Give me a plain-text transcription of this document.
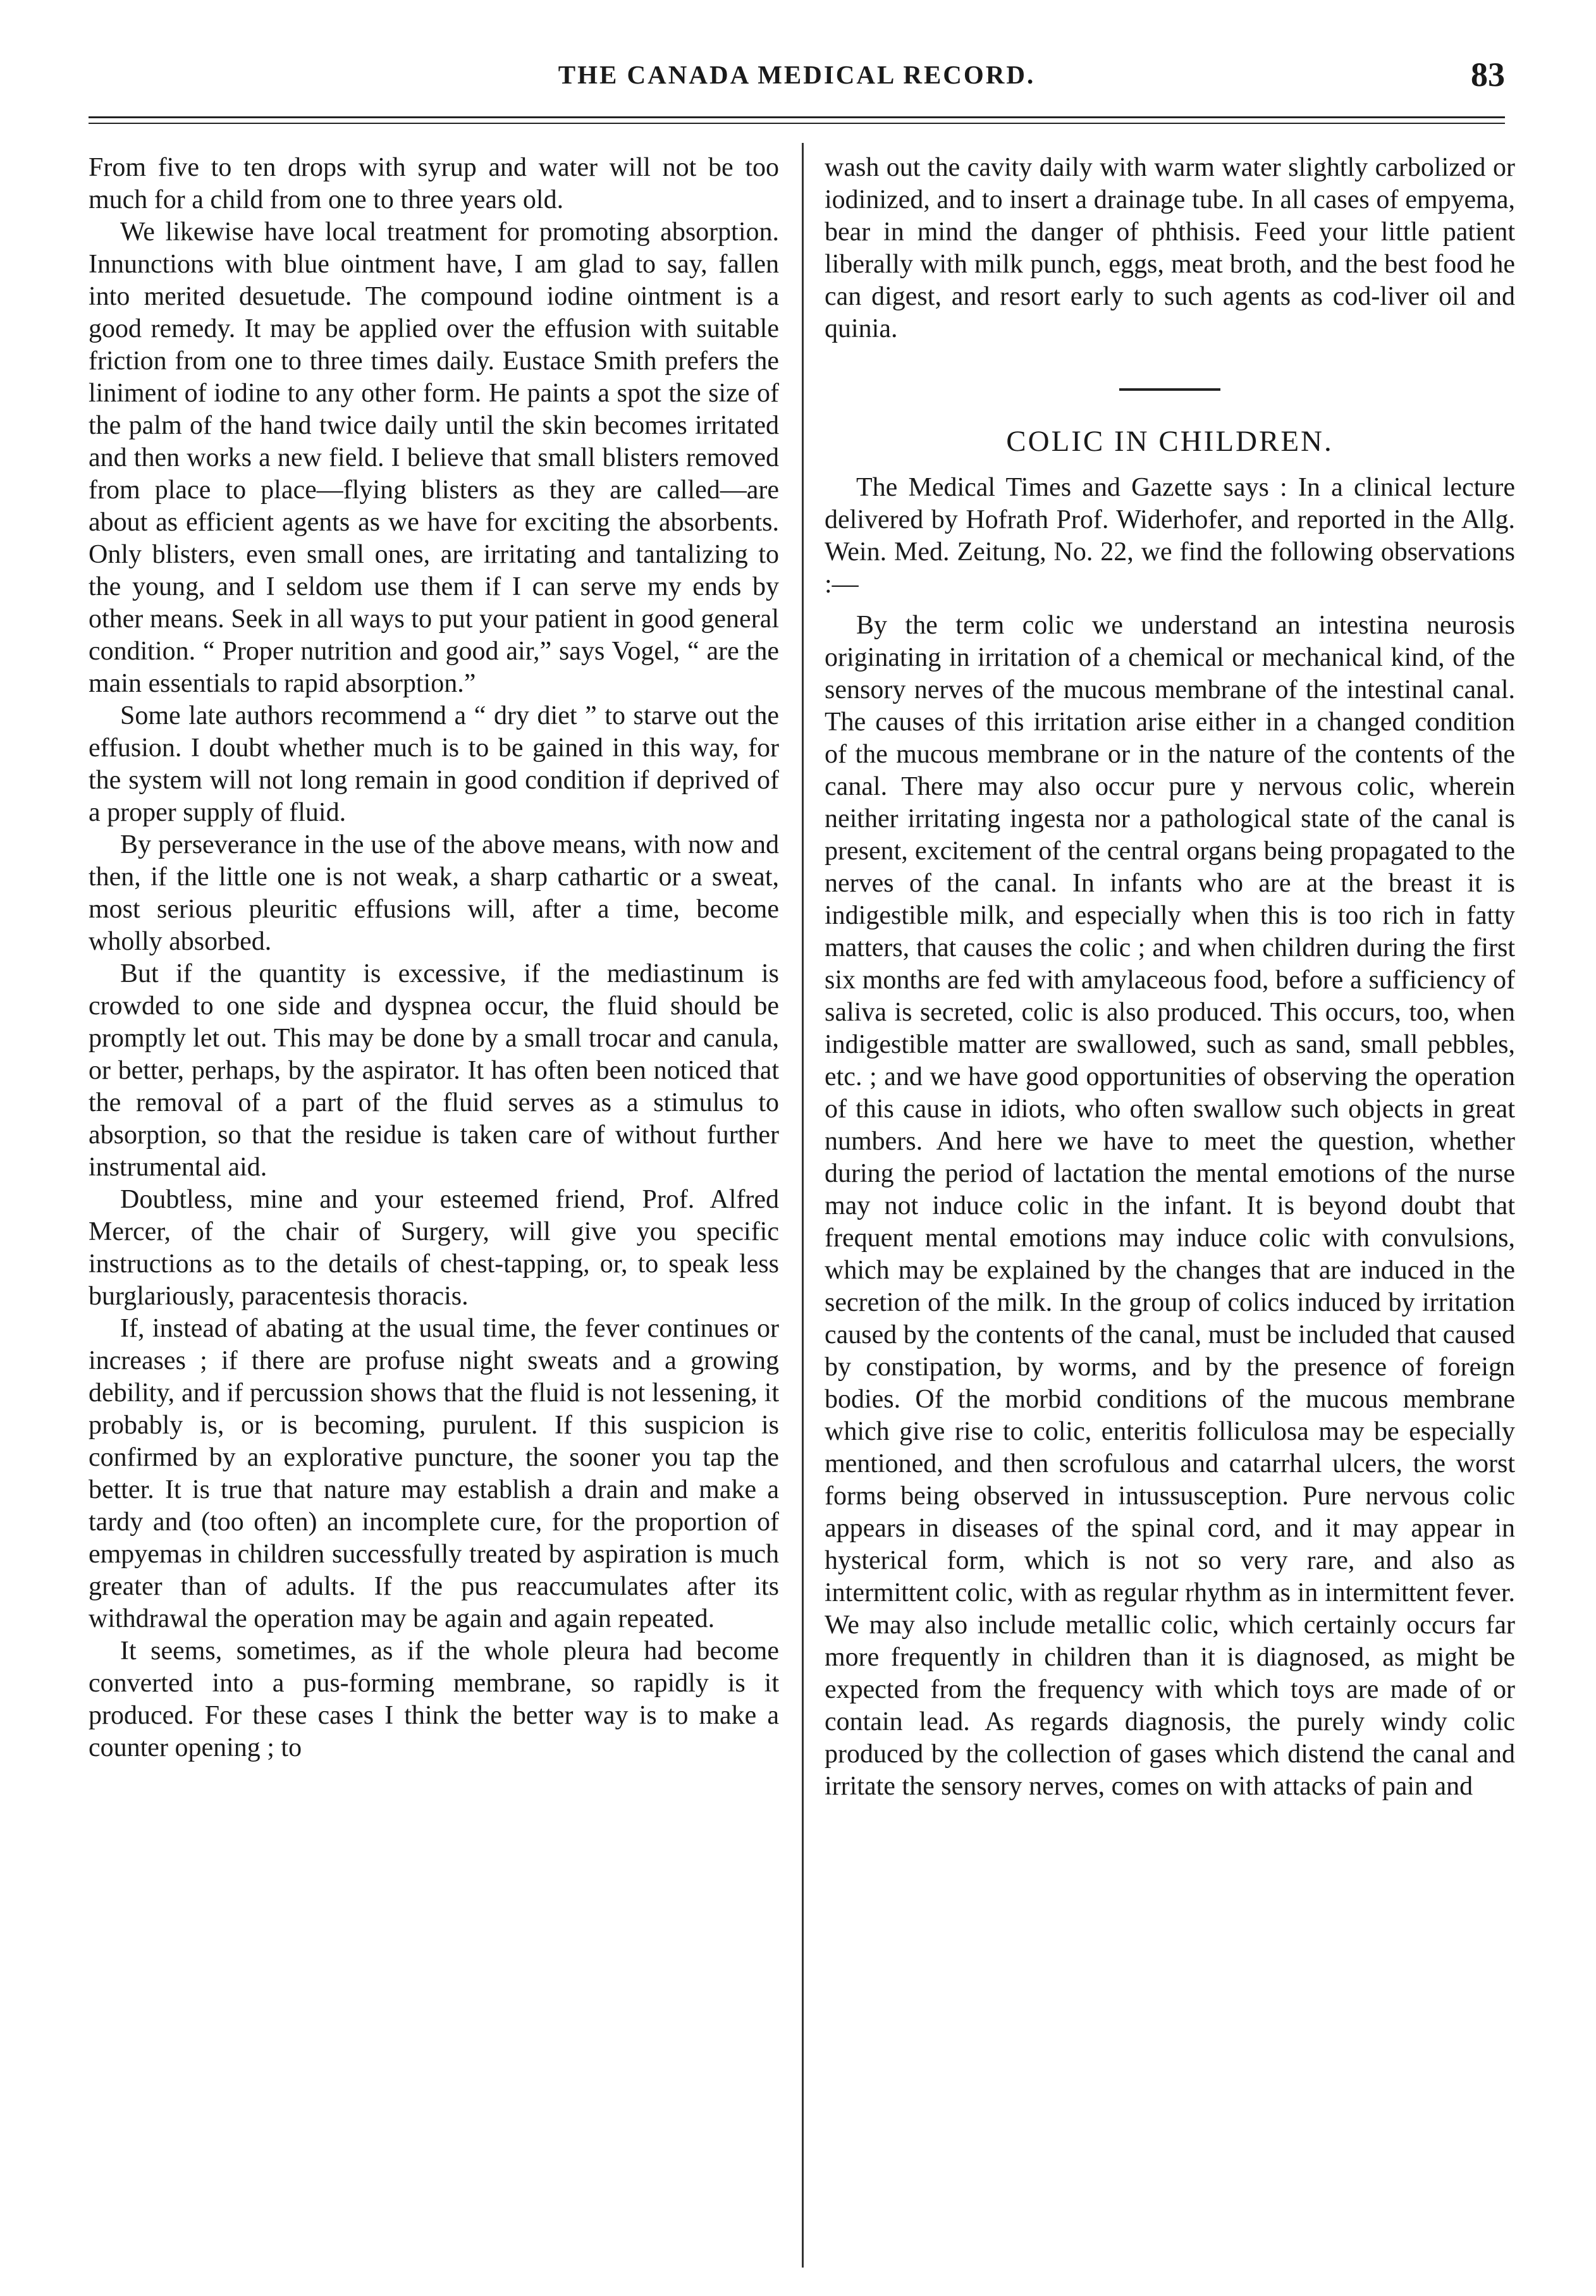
THE CANADA MEDICAL RECORD.	83

From five to ten drops with syrup and water will not be too much for a child from one to three years old.

We likewise have local treatment for promoting absorption. Innunctions with blue ointment have, I am glad to say, fallen into merited desuetude. The compound iodine ointment is a good remedy. It may be applied over the effusion with suitable friction from one to three times daily. Eustace Smith prefers the liniment of iodine to any other form. He paints a spot the size of the palm of the hand twice daily until the skin becomes irritated and then works a new field. I believe that small blisters removed from place to place—flying blisters as they are called—are about as efficient agents as we have for exciting the absorbents. Only blisters, even small ones, are irritating and tantalizing to the young, and I seldom use them if I can serve my ends by other means. Seek in all ways to put your patient in good general condition. “ Proper nutrition and good air,” says Vogel, “ are the main essentials to rapid absorption.”

Some late authors recommend a “ dry diet ” to starve out the effusion. I doubt whether much is to be gained in this way, for the system will not long remain in good condition if deprived of a proper supply of fluid.

By perseverance in the use of the above means, with now and then, if the little one is not weak, a sharp cathartic or a sweat, most serious pleuritic effusions will, after a time, become wholly absorbed.

But if the quantity is excessive, if the mediastinum is crowded to one side and dyspnea occur, the fluid should be promptly let out. This may be done by a small trocar and canula, or better, perhaps, by the aspirator. It has often been noticed that the removal of a part of the fluid serves as a stimulus to absorption, so that the residue is taken care of without further instrumental aid.

Doubtless, mine and your esteemed friend, Prof. Alfred Mercer, of the chair of Surgery, will give you specific instructions as to the details of chest-tapping, or, to speak less burglariously, paracentesis thoracis.

If, instead of abating at the usual time, the fever continues or increases ; if there are profuse night sweats and a growing debility, and if percussion shows that the fluid is not lessening, it probably is, or is becoming, purulent. If this suspicion is confirmed by an explorative puncture, the sooner you tap the better. It is true that nature may establish a drain and make a tardy and (too often) an incomplete cure, for the proportion of empyemas in children successfully treated by aspiration is much greater than of adults. If the pus reaccumulates after its withdrawal the operation may be again and again repeated.

It seems, sometimes, as if the whole pleura had become converted into a pus-forming membrane, so rapidly is it produced. For these cases I think the better way is to make a counter opening ; to

wash out the cavity daily with warm water slightly carbolized or iodinized, and to insert a drainage tube. In all cases of empyema, bear in mind the danger of phthisis. Feed your little patient liberally with milk punch, eggs, meat broth, and the best food he can digest, and resort early to such agents as cod-liver oil and quinia.

COLIC IN CHILDREN.

The Medical Times and Gazette says : In a clinical lecture delivered by Hofrath Prof. Widerhofer, and reported in the Allg. Wein. Med. Zeitung, No. 22, we find the following observations :—

By the term colic we understand an intestina neurosis originating in irritation of a chemical or mechanical kind, of the sensory nerves of the mucous membrane of the intestinal canal. The causes of this irritation arise either in a changed condition of the mucous membrane or in the nature of the contents of the canal. There may also occur pure y nervous colic, wherein neither irritating ingesta nor a pathological state of the canal is present, excitement of the central organs being propagated to the nerves of the canal. In infants who are at the breast it is indigestible milk, and especially when this is too rich in fatty matters, that causes the colic ; and when children during the first six months are fed with amylaceous food, before a sufficiency of saliva is secreted, colic is also produced. This occurs, too, when indigestible matter are swallowed, such as sand, small pebbles, etc. ; and we have good opportunities of observing the operation of this cause in idiots, who often swallow such objects in great numbers. And here we have to meet the question, whether during the period of lactation the mental emotions of the nurse may not induce colic in the infant. It is beyond doubt that frequent mental emotions may induce colic with convulsions, which may be explained by the changes that are induced in the secretion of the milk. In the group of colics induced by irritation caused by the contents of the canal, must be included that caused by constipation, by worms, and by the presence of foreign bodies. Of the morbid conditions of the mucous membrane which give rise to colic, enteritis folliculosa may be especially mentioned, and then scrofulous and catarrhal ulcers, the worst forms being observed in intussusception. Pure nervous colic appears in diseases of the spinal cord, and it may appear in hysterical form, which is not so very rare, and also as intermittent colic, with as regular rhythm as in intermittent fever. We may also include metallic colic, which certainly occurs far more frequently in children than it is diagnosed, as might be expected from the frequency with which toys are made of or contain lead. As regards diagnosis, the purely windy colic produced by the collection of gases which distend the canal and irritate the sensory nerves, comes on with attacks of pain and
